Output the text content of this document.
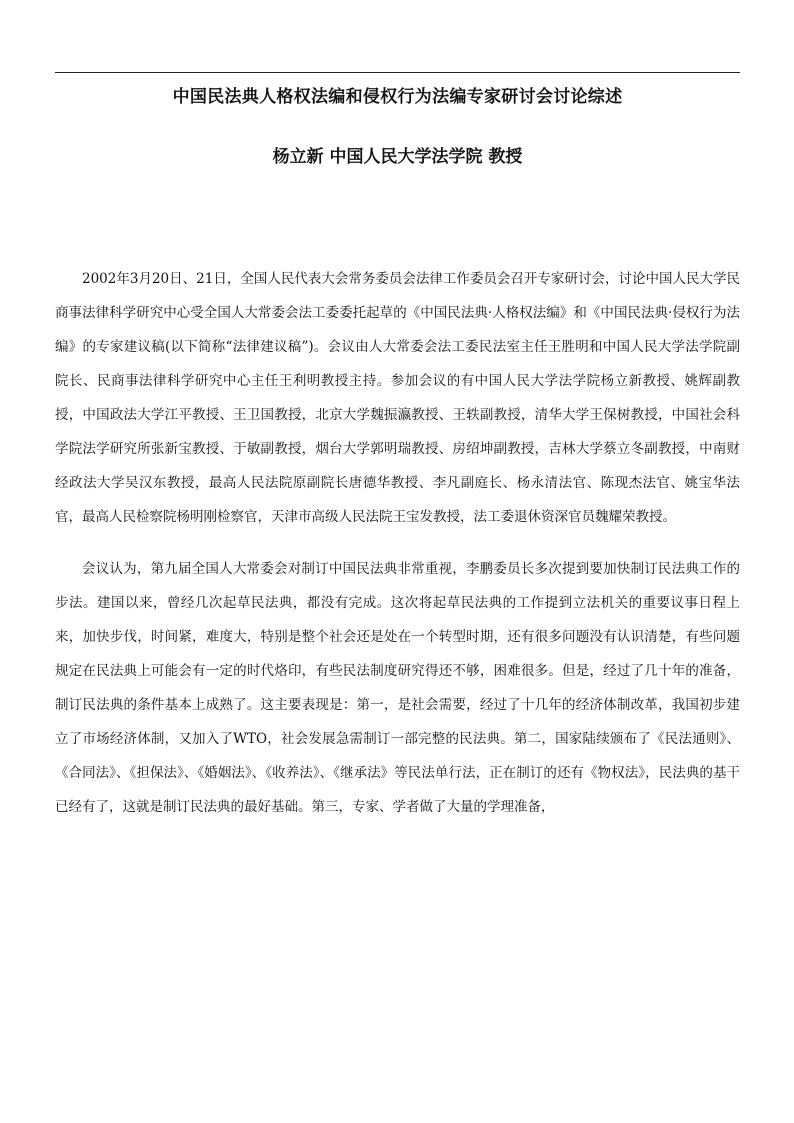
中国民法典人格权法编和侵权行为法编专家研讨会讨论综述
杨立新 中国人民大学法学院 教授

2002年3月20日、21日，全国人民代表大会常务委员会法律工作委员会召开专家研讨会，讨论中国人民大学民商事法律科学研究中心受全国人大常委会法工委委托起草的《中国民法典·人格权法编》和《中国民法典·侵权行为法编》的专家建议稿(以下简称“法律建议稿”)。会议由人大常委会法工委民法室主任王胜明和中国人民大学法学院副院长、民商事法律科学研究中心主任王利明教授主持。参加会议的有中国人民大学法学院杨立新教授、姚辉副教授，中国政法大学江平教授、王卫国教授，北京大学魏振瀛教授、王轶副教授，清华大学王保树教授，中国社会科学院法学研究所张新宝教授、于敏副教授，烟台大学郭明瑞教授、房绍坤副教授，吉林大学蔡立冬副教授，中南财经政法大学吴汉东教授，最高人民法院原副院长唐德华教授、李凡副庭长、杨永清法官、陈现杰法官、姚宝华法官，最高人民检察院杨明刚检察官，天津市高级人民法院王宝发教授，法工委退休资深官员魏耀荣教授。

会议认为，第九届全国人大常委会对制订中国民法典非常重视，李鹏委员长多次提到要加快制订民法典工作的步法。建国以来，曾经几次起草民法典，都没有完成。这次将起草民法典的工作提到立法机关的重要议事日程上来，加快步伐，时间紧，难度大，特别是整个社会还是处在一个转型时期，还有很多问题没有认识清楚，有些问题规定在民法典上可能会有一定的时代烙印，有些民法制度研究得还不够，困难很多。但是，经过了几十年的准备，制订民法典的条件基本上成熟了。这主要表现是：第一，是社会需要，经过了十几年的经济体制改革，我国初步建立了市场经济体制，又加入了WTO，社会发展急需制订一部完整的民法典。第二，国家陆续颁布了《民法通则》、《合同法》、《担保法》、《婚姻法》、《收养法》、《继承法》等民法单行法，正在制订的还有《物权法》，民法典的基干已经有了，这就是制订民法典的最好基础。第三，专家、学者做了大量的学理准备，
